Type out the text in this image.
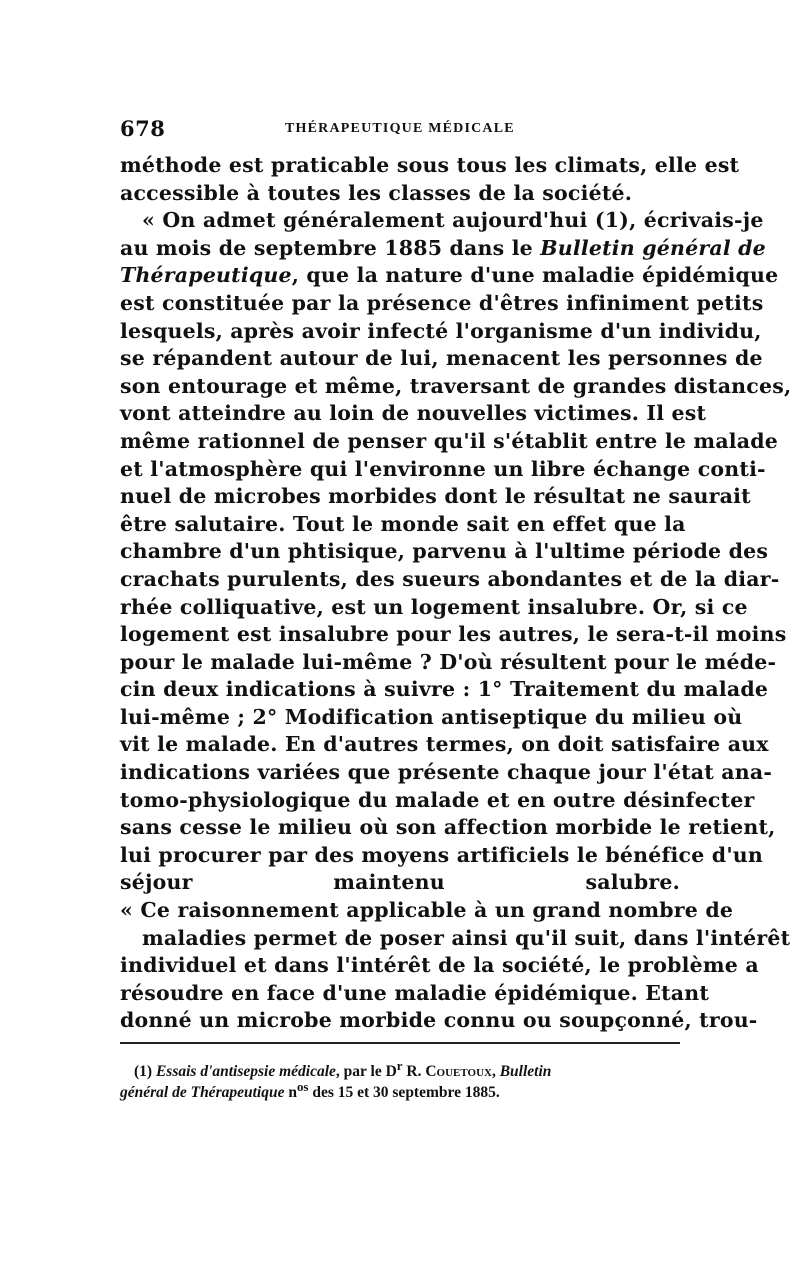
678	THÉRAPEUTIQUE MÉDICALE
méthode est praticable sous tous les climats, elle est
accessible à toutes les classes de la société.
« On admet généralement aujourd'hui (1), écrivais-je
au mois de septembre 1885 dans le Bulletin général de
Thérapeutique, que la nature d'une maladie épidémique
est constituée par la présence d'êtres infiniment petits
lesquels, après avoir infecté l'organisme d'un individu,
se répandent autour de lui, menacent les personnes de
son entourage et même, traversant de grandes distances,
vont atteindre au loin de nouvelles victimes. Il est
même rationnel de penser qu'il s'établit entre le malade
et l'atmosphère qui l'environne un libre échange conti-
nuel de microbes morbides dont le résultat ne saurait
être salutaire. Tout le monde sait en effet que la
chambre d'un phtisique, parvenu à l'ultime période des
crachats purulents, des sueurs abondantes et de la diar-
rhée colliquative, est un logement insalubre. Or, si ce
logement est insalubre pour les autres, le sera-t-il moins
pour le malade lui-même ? D'où résultent pour le méde-
cin deux indications à suivre : 1° Traitement du malade
lui-même ; 2° Modification antiseptique du milieu où
vit le malade. En d'autres termes, on doit satisfaire aux
indications variées que présente chaque jour l'état ana-
tomo-physiologique du malade et en outre désinfecter
sans cesse le milieu où son affection morbide le retient,
lui procurer par des moyens artificiels le bénéfice d'un
séjour maintenu salubre.
« Ce raisonnement applicable à un grand nombre de
maladies permet de poser ainsi qu'il suit, dans l'intérêt
individuel et dans l'intérêt de la société, le problème a
résoudre en face d'une maladie épidémique. Etant
donné un microbe morbide connu ou soupçonné, trou-
(1) Essais d'antisepsie médicale, par le $D^r$ R. Couetoux, Bulletin
général de Thérapeutique $n^{os}$ des 15 et 30 septembre 1885.
